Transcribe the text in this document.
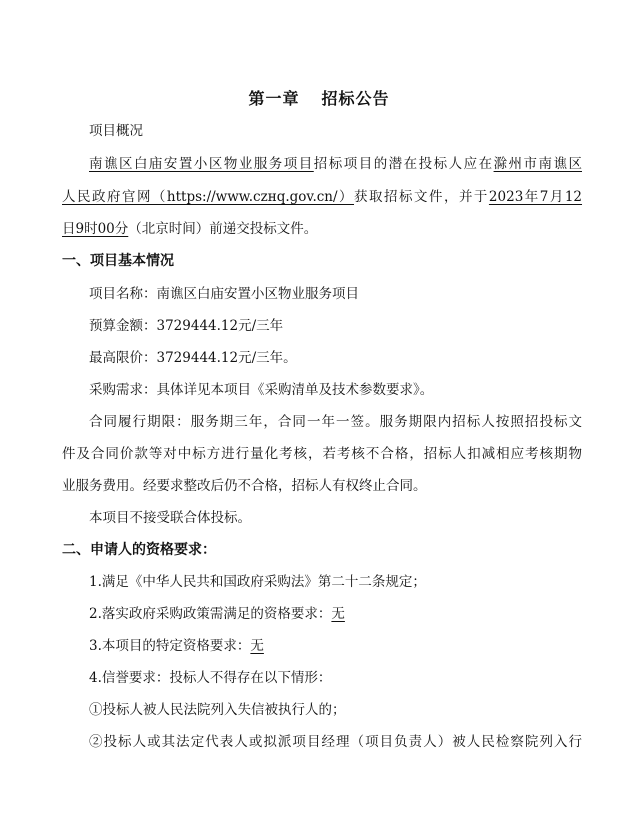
第一章 招标公告
项目概况
南谯区白庙安置小区物业服务项目招标项目的潜在投标人应在滁州市南谯区
人民政府官网（https://www.czнq.gov.cn/）获取招标文件，并于2023年7月12
日9时00分（北京时间）前递交投标文件。
一、项目基本情况
项目名称：南谯区白庙安置小区物业服务项目
预算金额：3729444.12元/三年
最高限价：3729444.12元/三年。
采购需求：具体详见本项目《采购清单及技术参数要求》。
合同履行期限：服务期三年，合同一年一签。服务期限内招标人按照招投标文
件及合同价款等对中标方进行量化考核，若考核不合格，招标人扣减相应考核期物
业服务费用。经要求整改后仍不合格，招标人有权终止合同。
本项目不接受联合体投标。
二、申请人的资格要求：
1.满足《中华人民共和国政府采购法》第二十二条规定；
2.落实政府采购政策需满足的资格要求：无
3.本项目的特定资格要求：无
4.信誉要求：投标人不得存在以下情形：
①投标人被人民法院列入失信被执行人的；
②投标人或其法定代表人或拟派项目经理（项目负责人）被人民检察院列入行
